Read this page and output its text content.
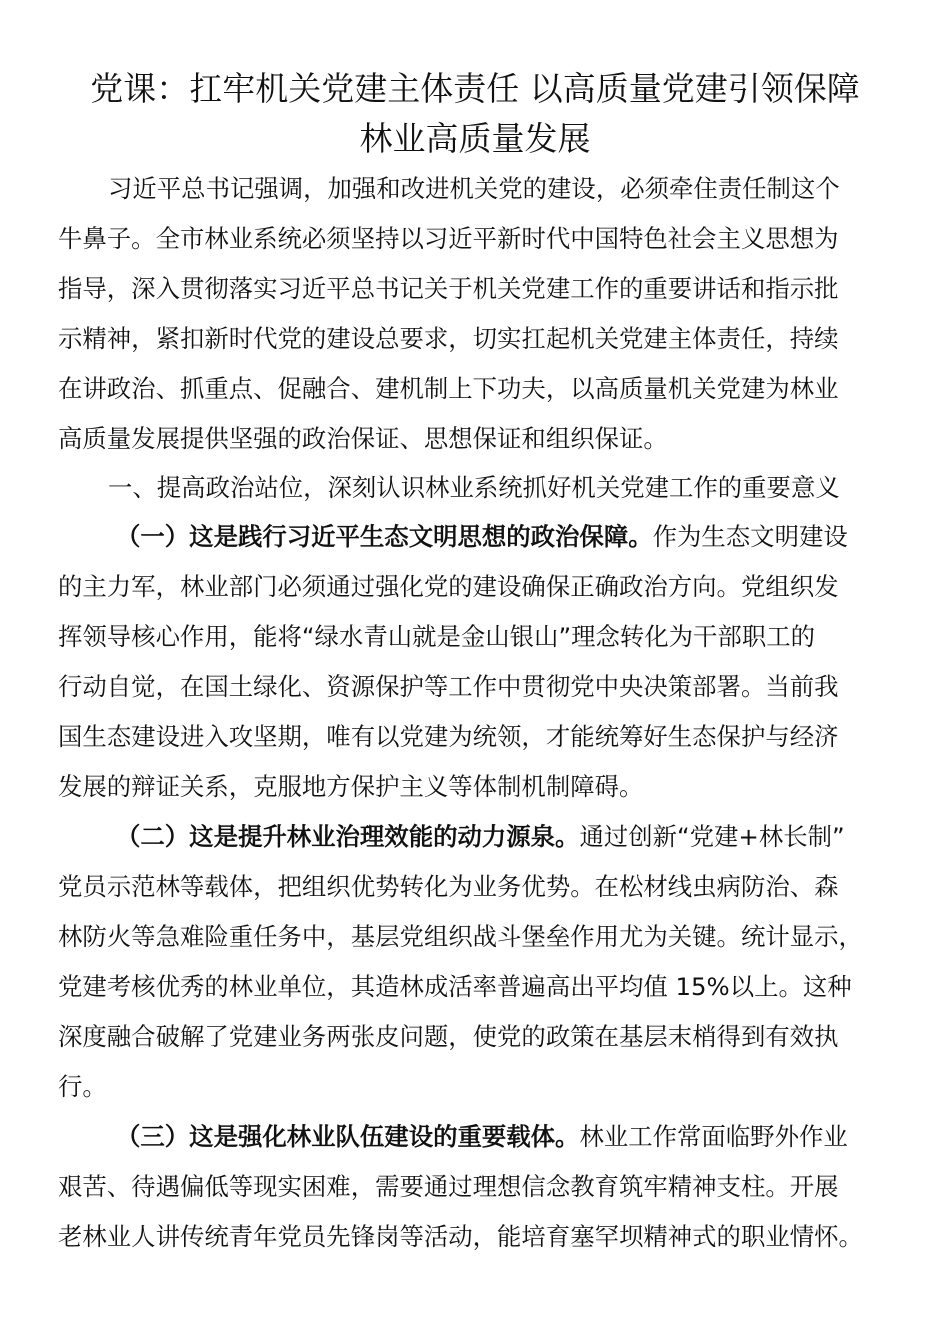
党课：扛牢机关党建主体责任 以高质量党建引领保障
林业高质量发展

习近平总书记强调，加强和改进机关党的建设，必须牵住责任制这个

牛鼻子。全市林业系统必须坚持以习近平新时代中国特色社会主义思想为

指导，深入贯彻落实习近平总书记关于机关党建工作的重要讲话和指示批

示精神，紧扣新时代党的建设总要求，切实扛起机关党建主体责任，持续

在讲政治、抓重点、促融合、建机制上下功夫，以高质量机关党建为林业

高质量发展提供坚强的政治保证、思想保证和组织保证。

一、提高政治站位，深刻认识林业系统抓好机关党建工作的重要意义

（一）这是践行习近平生态文明思想的政治保障。作为生态文明建设

的主力军，林业部门必须通过强化党的建设确保正确政治方向。党组织发

挥领导核心作用，能将“绿水青山就是金山银山”理念转化为干部职工的

行动自觉，在国土绿化、资源保护等工作中贯彻党中央决策部署。当前我

国生态建设进入攻坚期，唯有以党建为统领，才能统筹好生态保护与经济

发展的辩证关系，克服地方保护主义等体制机制障碍。

（二）这是提升林业治理效能的动力源泉。通过创新“党建+林长制”

党员示范林等载体，把组织优势转化为业务优势。在松材线虫病防治、森

林防火等急难险重任务中，基层党组织战斗堡垒作用尤为关键。统计显示，

党建考核优秀的林业单位，其造林成活率普遍高出平均值 15%以上。这种

深度融合破解了党建业务两张皮问题，使党的政策在基层末梢得到有效执

行。

（三）这是强化林业队伍建设的重要载体。林业工作常面临野外作业

艰苦、待遇偏低等现实困难，需要通过理想信念教育筑牢精神支柱。开展

老林业人讲传统青年党员先锋岗等活动，能培育塞罕坝精神式的职业情怀。
